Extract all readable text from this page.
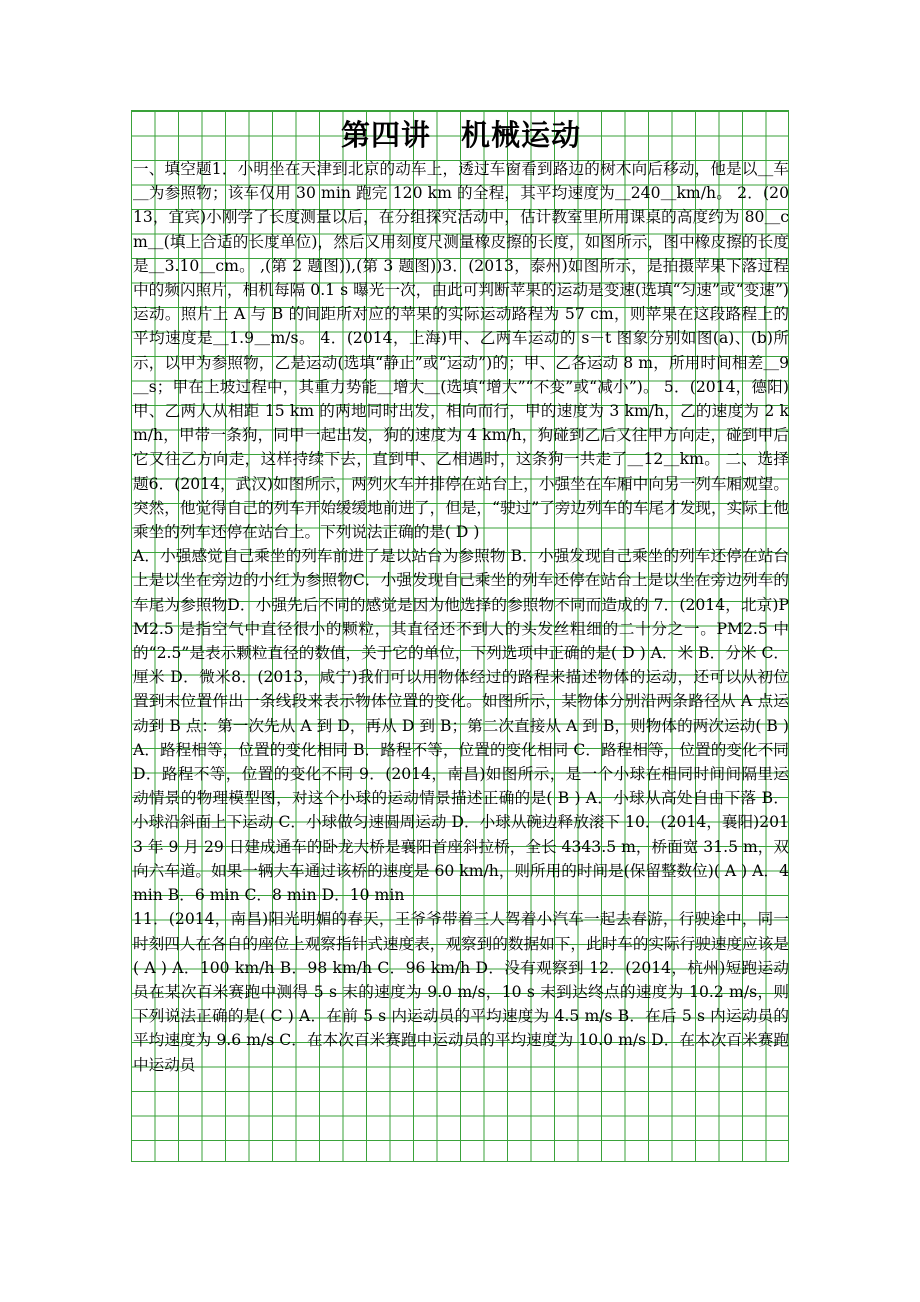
第四讲　机械运动

一、填空题1．小明坐在天津到北京的动车上，透过车窗看到路边的树木向后移动，他是以＿车＿为参照物；该车仅用 30 min 跑完 120 km 的全程，其平均速度为＿240＿km/h。 2．(2013，宜宾)小刚学了长度测量以后，在分组探究活动中，估计教室里所用课桌的高度约为 80＿cm＿(填上合适的长度单位)，然后又用刻度尺测量橡皮擦的长度，如图所示，图中橡皮擦的长度是＿3.10＿cm。 ,(第 2 题图)),(第 3 题图))3．(2013，泰州)如图所示，是拍摄苹果下落过程中的频闪照片，相机每隔 0.1 s 曝光一次，由此可判断苹果的运动是变速(选填“匀速”或“变速”)运动。照片上 A 与 B 的间距所对应的苹果的实际运动路程为 57 cm，则苹果在这段路程上的平均速度是＿1.9＿m/s。 4．(2014，上海)甲、乙两车运动的 s－t 图象分别如图(a)、(b)所示，以甲为参照物，乙是运动(选填“静止”或“运动”)的；甲、乙各运动 8 m，所用时间相差＿9＿s；甲在上坡过程中，其重力势能＿增大＿(选填“增大”“不变”或“减小”)。 5．(2014，德阳)甲、乙两人从相距 15 km 的两地同时出发，相向而行，甲的速度为 3 km/h，乙的速度为 2 km/h，甲带一条狗，同甲一起出发，狗的速度为 4 km/h，狗碰到乙后又往甲方向走，碰到甲后它又往乙方向走，这样持续下去，直到甲、乙相遇时，这条狗一共走了＿12＿km。 二、选择题6．(2014，武汉)如图所示，两列火车并排停在站台上，小强坐在车厢中向另一列车厢观望。突然，他觉得自己的列车开始缓缓地前进了，但是，“驶过”了旁边列车的车尾才发现，实际上他乘坐的列车还停在站台上。下列说法正确的是( D )

A．小强感觉自己乘坐的列车前进了是以站台为参照物 B．小强发现自己乘坐的列车还停在站台上是以坐在旁边的小红为参照物C．小强发现自己乘坐的列车还停在站台上是以坐在旁边列车的车尾为参照物D．小强先后不同的感觉是因为他选择的参照物不同而造成的 7．(2014，北京)PM2.5 是指空气中直径很小的颗粒，其直径还不到人的头发丝粗细的二十分之一。PM2.5 中的“2.5”是表示颗粒直径的数值，关于它的单位，下列选项中正确的是( D ) A．米 B．分米 C．厘米 D．微米8．(2013，咸宁)我们可以用物体经过的路程来描述物体的运动，还可以从初位置到末位置作出一条线段来表示物体位置的变化。如图所示，某物体分别沿两条路径从 A 点运动到 B 点：第一次先从 A 到 D，再从 D 到 B；第二次直接从 A 到 B，则物体的两次运动( B ) A．路程相等，位置的变化相同 B．路程不等，位置的变化相同 C．路程相等，位置的变化不同 D．路程不等，位置的变化不同 9．(2014，南昌)如图所示，是一个小球在相同时间间隔里运动情景的物理模型图，对这个小球的运动情景描述正确的是( B ) A．小球从高处自由下落 B．小球沿斜面上下运动 C．小球做匀速圆周运动 D．小球从碗边释放滚下 10．(2014，襄阳)2013 年 9 月 29 日建成通车的卧龙大桥是襄阳首座斜拉桥，全长 4343.5 m，桥面宽 31.5 m，双向六车道。如果一辆大车通过该桥的速度是 60 km/h，则所用的时间是(保留整数位)( A ) A．4 min B．6 min C．8 min D．10 min

11．(2014，南昌)阳光明媚的春天，王爷爷带着三人驾着小汽车一起去春游，行驶途中，同一时刻四人在各自的座位上观察指针式速度表，观察到的数据如下，此时车的实际行驶速度应该是( A ) A．100 km/h B．98 km/h C．96 km/h D．没有观察到 12．(2014，杭州)短跑运动员在某次百米赛跑中测得 5 s 末的速度为 9.0 m/s，10 s 末到达终点的速度为 10.2 m/s，则下列说法正确的是( C ) A．在前 5 s 内运动员的平均速度为 4.5 m/s B．在后 5 s 内运动员的平均速度为 9.6 m/s C．在本次百米赛跑中运动员的平均速度为 10.0 m/s D．在本次百米赛跑中运动员
